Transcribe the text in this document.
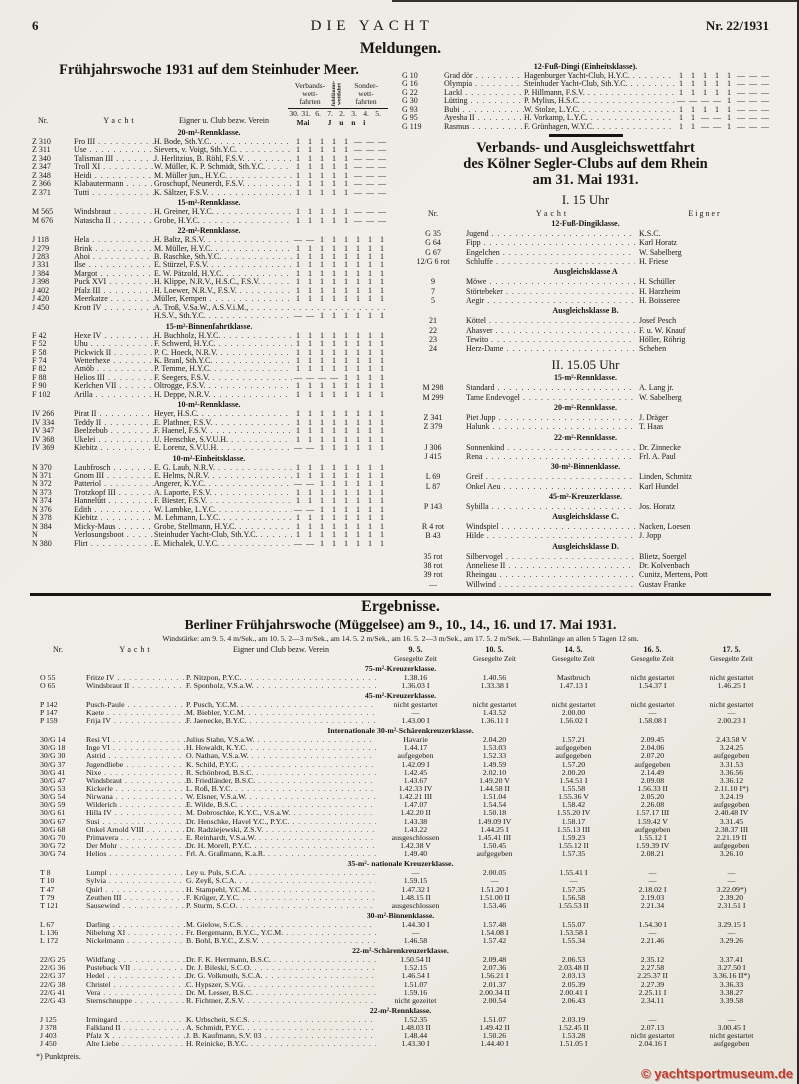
6	DIE YACHT	Nr. 22/1931
Meldungen.
Frühjahrswoche 1931 auf dem Steinhuder Meer.
Nr.	Yacht	Eigner u. Club bezw. Verein
Verbands-
wett-
fahrten	Jubiläums-
wettfahrt	Sonder-
wett-
fahrten
30. 31. 6. 7. 2. 3. 4. 5.
Mai	J u n i
20-m²-Rennklasse.
Z 310	Fro III . . .	H. Bode, Sth.Y.C. . . .	1	1	1	1	1 — — —
Z 311	Use . . .	Sievers, v. Voigt, Sth.Y.C. . . .	1	1	1	1	1 — — —
Z 340	Talisman III . . .	J. Herlitzius, B. Röhl, F.S.V. . . .	1	1	1	1	1 — — —
Z 347	Troll XI . . .	W. Müller, K. P. Schmidt, Sth.Y.C. . . .	1	1	1	1	1 — — —
Z 348	Heidi . . .	M. Müller jun., H.Y.C. . . .	1	1	1	1	1 — — —
Z 366	Klabautermann . . .	Groschupf, Neunerdt, F.S.V. . . .	1	1	1	1	1 — — —
Z 371	Tutti . . .	K. Sältzer, F.S.V. . . .	1	1	1	1	1 — — —
15-m²-Rennklasse.
M 565	Windsbraut . . .	H. Greiner, H.Y.C. . . .	1	1	1	1	1 — — —
M 676	Natascha II . . .	Grobe, H.Y.C. . . .	1	1	1	1	1 — — —
22-m²-Rennklasse.
J 118	Hela . . .	H. Baltz, R.S.V. . . .	— — 1	1	1	1	1	1
J 279	Brink . . .	M. Müller, H.Y.C. . . .	1	1	1	1	1	1	1	1
J 283	Ahoi . . .	B. Raschke, Sth.Y.C. . . .	1	1	1	1	1	1	1	1
J 331	Ilse . . .	E. Stürzel, F.S.V. . . .	1	1	1	1	1	1	1	1
J 384	Margot . . .	E. W. Pätzold, H.Y.C. . . .	1	1	1	1	1	1	1	1
J 398	Puck XVI . . .	H. Klippe, N.R.V., H.S.C., F.S.V. . . .	1	1	1	1	1	1	1	1
J 402	Pfalz III . . .	H. Loewer, N.R.V., F.S.V. . . .	1	1	1	1	1	1	1	1
J 420	Meerkatze . . .	Müller, Kempen . . .	1	1	1	1	1	1	1	1
J 450	Krott IV . . .	A. Troß, V.Sa.W., A.S.V.i.M., . . .
H.S.V., Sth.Y.C. . . .	— — 1	1	1	1	1	1
15-m²-Binnenfahrtklasse.
F 42	Hexe IV . . .	H. Buchholz, H.Y.C. . . .	1	1	1	1	1	1	1	1
F 52	Uhu . . .	F. Schwerd, H.Y.C. . . .	1	1	1	1	1	1	1	1
F 58	Pickwick II . . .	P. C. Hoeck, N.R.V. . . .	1	1	1	1	1	1	1	1
F 74	Wetterhexe . . .	K. Branl, Sth.Y.C. . . .	1	1	1	1	1	1	1	1
F 82	Amöb . . .	P. Temme, H.Y.C. . . .	1	1	1	1	1	1	1	1
F 88	Helios III . . .	F. Seegers, F.S.V. . . .	— — — — 1	1	1	1
F 90	Kerlchen VII . . .	Oltrogge, F.S.V. . . .	1	1	1	1	1	1	1	1
F 102	Arilla . . .	H. Deppe, N.R.V. . . .	1	1	1	1	1	1	1	1
10-m²-Rennklasse.
IV 266	Pirat II . . .	Heyer, H.S.C. . . .	1	1	1	1	1	1	1	1
IV 334	Teddy II . . .	E. Plathner, F.S.V. . . .	1	1	1	1	1	1	1	1
IV 347	Beelzebub . . .	F. Haenel, F.S.V. . . .	1	1	1	1	1	1	1	1
IV 368	Ukelei . . .	U. Henschke, S.V.U.H. . . .	1	1	1	1	1	1	1	1
IV 369	Kiebitz . . .	E. Lorenz, S.V.U.H. . . .	— — 1	1	1	1	1	1
10-m²-Einheitsklasse.
N 370	Laubfrosch . . .	E. G. Laub, N.R.V. . . .	1	1	1	1	1	1	1	1
N 371	Gnom III . . .	E. Helms, N.R.V. . . .	1	1	1	1	1	1	1	1
N 372	Patteriol . . .	Angerer, K.Y.C. . . .	— — 1	1	1	1	1	1
N 373	Trotzkopf III . . .	A. Laporte, F.S.V. . . .	1	1	1	1	1	1	1	1
N 374	Hannelütt . . .	F. Biester, F.S.V. . . .	1	1	1	1	1	1	1	1
N 376	Edith . . .	W. Lambke, L.Y.C. . . .	— — 1	1	1	1	1	1
N 378	Kiebitz . . .	M. Lehmann, L.Y.C. . . .	1	1	1	1	1	1	1	1
N 384	Micky-Maus . . .	Grobe, Stellmann, H.Y.C. . . .	1	1	1	1	1	1	1	1
N	Verlosungsboot . . .	Steinhuder Yacht-Club, Sth.Y.C. . . .	1	1	1	1	1	1	1	1
N 380	Flirt . . .	E. Michalek, U.Y.C. . . .	— — 1	1	1	1	1	1
12-Fuß-Dingi (Einheitsklasse).
G 10	Grad dör . . .	Hagenburger Yacht-Club, H.Y.C. . . .	1	1	1	1	1 — — —
G 16	Olympia . . .	Steinhuder Yacht-Club, Sth.Y.C. . . .	1	1	1	1	1 — — —
G 22	Lackl . . .	P. Hillmann, F.S.V. . . .	1	1	1	1	1 — — —
G 30	Lütting . . .	P. Mylius, H.S.C. . . .	— — — — 1 — — —
G 93	Bubi . . .	W. Stolze, L.Y.C. . . .	1	1	1	1	1 — — —
G 95	Ayesha II . . .	H. Vorkamp, L.Y.C. . . .	1	1 — — 1 — — —
G 119	Rasmus . . .	F. Grünhagen, W.Y.C. . . .	1	1 — — 1 — — —
Verbands- und Ausgleichswettfahrt
des Kölner Segler-Clubs auf dem Rhein
am 31. Mai 1931.
I. 15 Uhr
Nr.	Yacht	Eigner
12-Fuß-Dingiklasse.
G 35	Jugend . . .	K.S.C.
G 64	Fipp . . .	Karl Horatz
G 67	Engelchen . . .	W. Sabelberg
12/G 6 rot	Schluffe . . .	H. Friese
Ausgleichsklasse A
9	Möwe . . .	H. Schüller
7	Störtebeker . . .	H. Harzheim
5	Aegir . . .	H. Boisseree
Ausgleichsklasse B.
21	Köttel . . .	Josef Pesch
22	Ahasver . . .	F. u. W. Knauf
23	Tewito . . .	Höller, Röhrig
24	Herz-Dame . . .	Scheben
II. 15.05 Uhr
15-m²-Rennklasse.
M 298	Standard . . .	A. Lang jr.
M 299	Tame Endevogel . . .	W. Sabelberg
20-m²-Rennklasse.
Z 341	Piet Jupp . . .	J. Dräger
Z 379	Halunk . . .	T. Haas
22-m²-Rennklasse.
J 306	Sonnenkind . . .	Dr. Zinnecke
J 415	Rena . . .	Frl. A. Paul
30-m²-Binnenklasse.
L 69	Greif . . .	Linden, Schmitz
L 87	Onkel Aeu . . .	Karl Hundel
45-m²-Kreuzerklasse.
P 143	Sybilla . . .	Jos. Horatz
Ausgleichsklasse C.
R 4 rot	Windspiel . . .	Nacken, Loesen
B 43	Hilde . . .	J. Jopp
Ausgleichsklasse D.
35 rot	Silbervogel . . .	Blietz, Soergel
38 rot	Anneliese II . . .	Dr. Kolvenbach
39 rot	Rheingau . . .	Cunitz, Mertens, Pott
—	Willwind . . .	Gustav Franke
Ergebnisse.
Berliner Frühjahrswoche (Müggelsee) am 9., 10., 14., 16. und 17. Mai 1931.
Windstärke: am 9. 5. 4 m/Sek., am 10. 5. 2—3 m/Sek., am 14. 5. 2 m/Sek., am 16. 5. 2—3 m/Sek., am 17. 5. 2 m/Sek. — Bahnlänge an allen 5 Tagen 12 sm.
Nr.	Yacht	Eigner und Club bezw. Verein	9. 5.
Gesegelte Zeit
10. 5.
Gesegelte Zeit
14. 5.
Gesegelte Zeit
16. 5.
Gesegelte Zeit
17. 5.
Gesegelte Zeit
75-m²-Kreuzerklasse.
O 55	Fritze IV . . .	P. Nitzpon, P.Y.C. . . .	1.38.16	1.40.56	Mastbruch	nicht gestartet	nicht gestartet
O 65	Windsbraut II . . .	F. Sponholz, V.S.a.W. . . .	1.36.03 I	1.33.38 I	1.47.13 I	1.54.37 I	1.46.25 I
45-m²-Kreuzerklasse.
P 142	Pusch-Paule . . .	P. Pusch, Y.C.M. . . .	nicht gestartet	nicht gestartet	nicht gestartet	nicht gestartet	nicht gestartet
P 147	Kaete . . .	M. Biebler, Y.C.M. . . .	—	1.43.52	2.00.00	—	—
P 159	Frija IV . . .	F. Jaenecke, B.Y.C. . . .	1.43.00 I	1.36.11 I	1.56.02 I	1.58.08 I	2.00.23 I
Internationale 30-m²-Schärenkreuzerklasse.
30/G 14	Resi VI . . .	Julius Stahn, V.S.a.W. . . .	Havarie	2.04.20	1.57.21	2.09.45	2.43.58 V
30/G 18	Inge VI . . .	H. Howaldt, K.Y.C. . . .	1.44.17	1.53.03	aufgegeben	2.04.06	3.24.25
30/G 30	Astrid . . .	O. Nathan, V.S.a.W. . . .	aufgegeben	1.52.33	aufgegeben	2.07.20	aufgegeben
30/G 37	Jugendliebe . . .	K. Schild, P.Y.C. . . .	1.42.09 I	1.49.59	1.57.20	aufgegeben	3.31.53
30/G 41	Nixe . . .	R. Schönbrod, B.S.C. . . .	1.42.45	2.02.10	2.00.20	2.14.49	3.36.56
30/G 47	Windsbraut . . .	B. Friedländer, B.S.C. . . .	1.43.67	1.49.20 V	1.54.51 I	2.09.08	3.36.12
30/G 53	Kickerle . . .	L. Roß, B.Y.C. . . .	1.42.33 IV	1.44.58 II	1.55.58	1.56.33 II	2.11.10 I*)
30/G 54	Nirwana . . .	W. Elsner, V.S.a.W. . . .	1.42.21 III	1.51.04	1.55.36 V	2.05.20	3.24.19
30/G 59	Wilderich . . .	E. Wilde, B.S.C. . . .	1.47.07	1.54.54	1.58.42	2.26.08	aufgegeben
30/G 61	Hilla IV . . .	M. Dobroschke, K.Y.C., V.S.a.W. . . .	1.42.20 II	1.50.18	1.55.20 IV	1.57.17 III	2.40.48 IV
30/G 67	Susi . . .	Dr. Henschke, Havel Y.C., P.Y.C. . . .	1.43.38	1.49.09 IV	1.58.17	1.59.42 V	3.31.45
30/G 68	Onkel Arnold VIII . . .	Dr. Radziejewski, Z.S.V. . . .	1.43.22	1.44.25 I	1.55.13 III	aufgegeben	2.38.37 III
30/G 70	Primavera . . .	E. Reinhardt, V.S.a.W. . . .	ausgeschlossen	1.45.41 III	1.59.23	1.55.12 I	2.21.19 II
30/G 72	Der Mohr . . .	Dr. H. Morell, P.Y.C. . . .	1.42.38 V	1.50.45	1.55.12 II	1.59.39 IV	aufgegeben
30/G 74	Helios . . .	Frl. A. Graßmann, K.a.R. . . .	1.49.40	aufgegeben	1.57.35	2.08.21	3.26.10
35-m²- nationale Kreuzerklasse.
T 8	Lumpl . . .	Ley u. Puls, S.C.A. . . .	—	2.00.05	1.55.41 I	—	—
T 10	Sylvia . . .	G. Zeyß, S.C.A. . . .	1.59.15	—	—	—	—
T 47	Quirl . . .	H. Stampehl, Y.C.M. . . .	1.47.32 I	1.51.20 I	1.57.35	2.18.02 I	3.22.09*)
T 79	Zeuthen III . . .	F. Krüger, Z.Y.C. . . .	1.48.15 II	1.51.00 II	1.56.58	2.19.03	2.39.20
T 121	Sausewind . . .	P. Sturm, S.C.O. . . .	ausgeschlossen	1.53.46	1.55.53 II	2.21.34	2.31.51 I
30-m²-Binnenklasse.
L 67	Darling . . .	M. Gielow, S.C.S. . . .	1.44.30 I	1.57.48	1.55.07	1.54.30 I	3.29.15 I
L 136	Nibelung XI . . .	Fr. Bergemann, B.Y.C., Y.C.M. . . .	—	1.54.08 I	1.53.58 I	—	—
L 172	Nickelmann . . .	B. Bohl, B.Y.C., Z.S.V. . . .	1.46.58	1.57.42	1.55.34	2.21.46	3.29.26
22-m²-Schärenkreuzerklasse.
22/G 25	Wildfang . . .	Dr. F. K. Herrmann, B.S.C. . . .	1.50.54 II	2.09.48	2.06.53	2.35.12	3.37.41
22/G 36	Pusteback VII . . .	Dr. J. Bileski, S.C.O. . . .	1.52.15	2.07.36	2.03.48 II	2.27.58	3.27.50 I
22/G 37	Hedel . . .	Dr. G. Volkmuth, S.C.A. . . .	1.46.54 I	1.56.21 I	2.03.13	2.25.37 II	3.36.16 II*)
22/G 38	Christel . . .	C. Hypszer, S.V.G. . . .	1.51.07	2.01.37	2.05.39	2.27.39	3.36.33
22/G 41	Vera . . .	Dr. M. Lesser, B.S.C. . . .	1.59.16	2.00.34 II	2.00.41 I	2.25.11 I	3.38.27
22/G 43	Sternschnuppe . . .	R. Fichtner, Z.S.V. . . .	nicht gezeitet	2.00.54	2.06.43	2.34.11	3.39.58
22-m²-Rennklasse.
J 125	Irmingard . . .	K. Urbscheit, S.C.S. . . .	1.52.35	1.51.07	2.03.19	—	—
J 378	Falkland II . . .	A. Schmidt, P.Y.C. . . .	1.48.03 II	1.49.42 II	1.52.45 II	2.07.13	3.00.45 I
J 403	Pfalz X . . .	J. B. Kaufmann, S.V. 03 . . .	1.48.44	1.50.26	1.53.28	nicht gestartet	nicht gestartet
J 450	Alte Liebe . . .	H. Reinicke, B.Y.C. . . .	1.43.30 I	1.44.40 I	1.51.05 I	2.04.16 I	aufgegeben
*) Punktpreis.
© yachtsportmuseum.de
